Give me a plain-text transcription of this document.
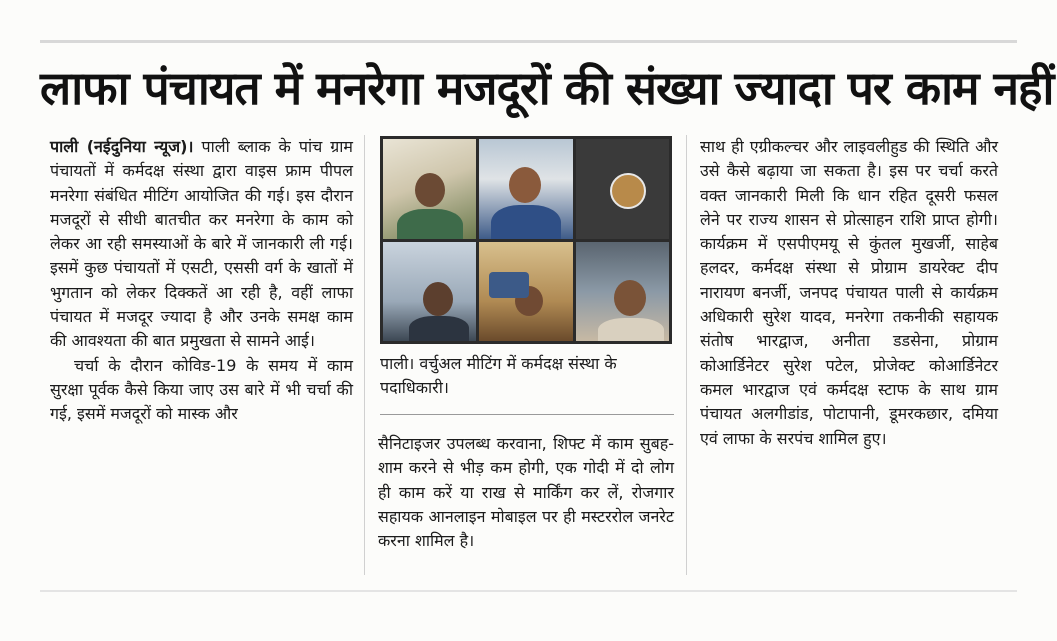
लाफा पंचायत में मनरेगा मजदूरों की संख्या ज्यादा पर काम नहीं

पाली (नईदुनिया न्यूज)। पाली ब्लाक के पांच ग्राम पंचायतों में कर्मदक्ष संस्था द्वारा वाइस फ्राम पीपल मनरेगा संबंधित मीटिंग आयोजित की गई। इस दौरान मजदूरों से सीधी बातचीत कर मनरेगा के काम को लेकर आ रही समस्याओं के बारे में जानकारी ली गई। इसमें कुछ पंचायतों में एसटी, एससी वर्ग के खातों में भुगतान को लेकर दिक्कतें आ रही है, वहीं लाफा पंचायत में मजदूर ज्यादा है और उनके समक्ष काम की आवश्यता की बात प्रमुखता से सामने आई।

चर्चा के दौरान कोविड-19 के समय में काम सुरक्षा पूर्वक कैसे किया जाए उस बारे में भी चर्चा की गई, इसमें मजदूरों को मास्क और

पाली। वर्चुअल मीटिंग में कर्मदक्ष संस्था के पदाधिकारी।

सैनिटाइजर उपलब्ध करवाना, शिफ्ट में काम सुबह-शाम करने से भीड़ कम होगी, एक गोदी में दो लोग ही काम करें या राख से मार्किंग कर लें, रोजगार सहायक आनलाइन मोबाइल पर ही मस्टररोल जनरेट करना शामिल है।

साथ ही एग्रीकल्चर और लाइवलीहुड की स्थिति और उसे कैसे बढ़ाया जा सकता है। इस पर चर्चा करते वक्त जानकारी मिली कि धान रहित दूसरी फसल लेने पर राज्य शासन से प्रोत्साहन राशि प्राप्त होगी। कार्यक्रम में एसपीएमयू से कुंतल मुखर्जी, साहेब हलदर, कर्मदक्ष संस्था से प्रोग्राम डायरेक्ट दीप नारायण बनर्जी, जनपद पंचायत पाली से कार्यक्रम अधिकारी सुरेश यादव, मनरेगा तकनीकी सहायक संतोष भारद्वाज, अनीता डडसेना, प्रोग्राम कोआर्डिनेटर सुरेश पटेल, प्रोजेक्ट कोआर्डिनेटर कमल भारद्वाज एवं कर्मदक्ष स्टाफ के साथ ग्राम पंचायत अलगीडांड, पोटापानी, डूमरकछार, दमिया एवं लाफा के सरपंच शामिल हुए।
